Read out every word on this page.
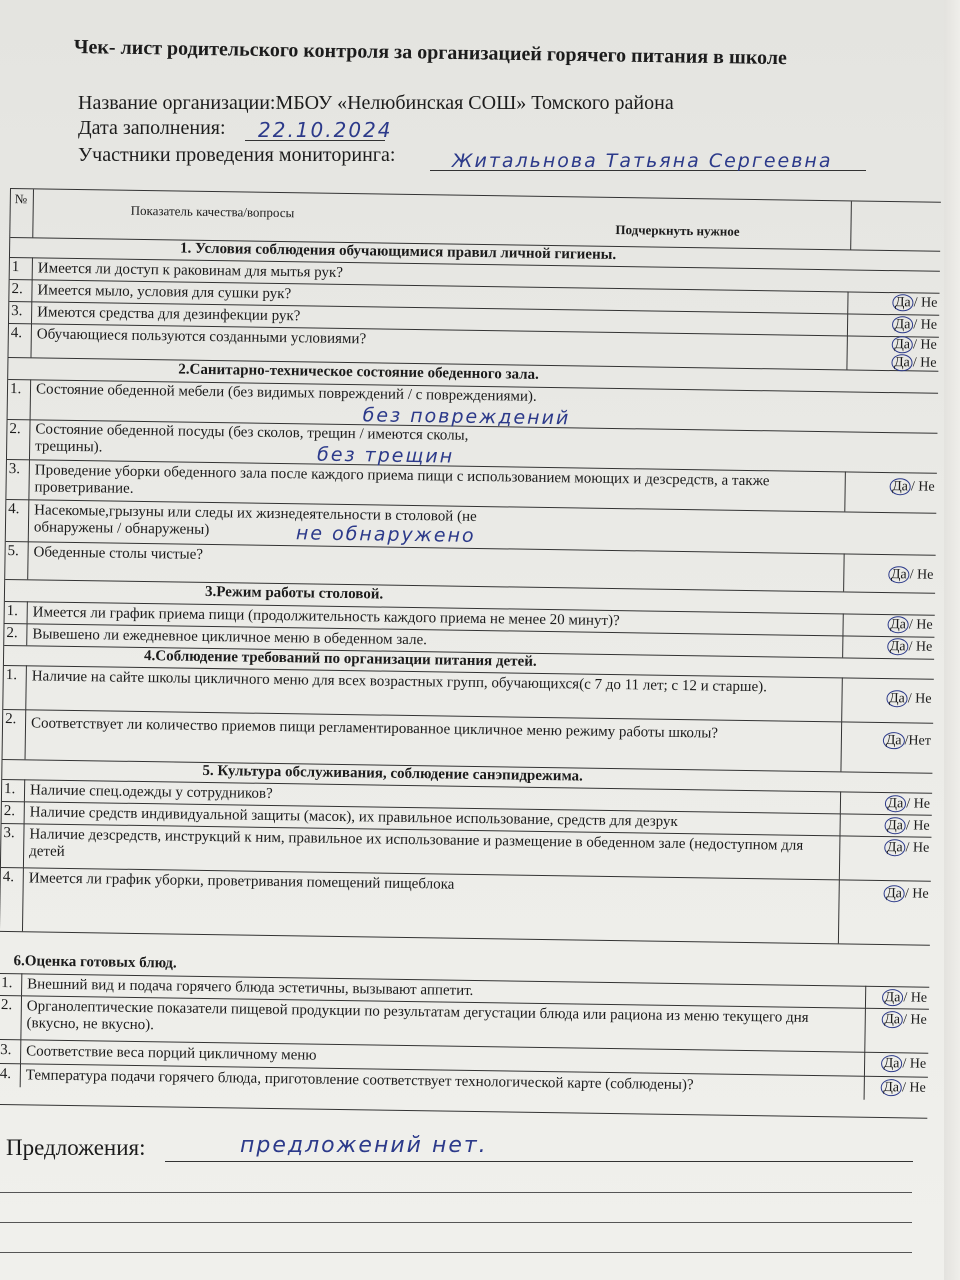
Чек- лист родительского контроля за организацией горячего питания в школе
Название организации:МБОУ «Нелюбинская СОШ» Томского района
Дата заполнения: 22.10.2024
Участники проведения мониторинга:	Житальнова Татьяна Сергеевна
№
Показатель качества/вопросы
Подчеркнуть нужное
1. Условия соблюдения обучающимися правил личной гигиены.
1 Имеется ли доступ к раковинам для мытья рук?
2. Имеется мыло, условия для сушки рук?
Да / Не
3. Имеются средства для дезинфекции рук?
Да / Не
4. Обучающиеся пользуются созданными условиями?	Да / Не
Да / Не
2.Санитарно-техническое состояние обеденного зала.
1. Состояние обеденной мебели (без видимых повреждений / с повреждениями).
без повреждений
2. Состояние обеденной посуды (без сколов, трещин / имеются сколы, трещины).	без трещин
3. Проведение уборки обеденного зала после каждого приема пищи с использованием моющих и дезсредств, а также проветривание.	Да / Не
4. Насекомые,грызуны или следы их жизнедеятельности в столовой (не обнаружены / обнаружены)	не обнаружено
5. Обеденные столы чистые?
Да / Не
3.Режим работы столовой.
1. Имеется ли график приема пищи (продолжительность каждого приема не менее 20 минут)?	Да / Не
2. Вывешено ли ежедневное цикличное меню в обеденном зале.	Да / Не
4.Соблюдение требований по организации питания детей.
1. Наличие на сайте школы цикличного меню для всех возрастных групп, обучающихся(с 7 до 11 лет; с 12 и старше).
Да / Не
2. Соответствует ли количество приемов пищи регламентированное цикличное меню режиму работы школы?	Да /Нет
5. Культура обслуживания, соблюдение санэпидрежима.
1. Наличие спец.одежды у сотрудников?
Да / Не
2. Наличие средств индивидуальной защиты (масок), их правильное использование, средств для дезрук	Да / Не
3. Наличие дезсредств, инструкций к ним, правильное их использование и размещение в обеденном зале (недоступном для детей	Да / Не
4. Имеется ли график уборки, проветривания помещений пищеблока
Да / Не
6.Оценка готовых блюд.
1. Внешний вид и подача горячего блюда эстетичны, вызывают аппетит.	Да / Не
2. Органолептические показатели пищевой продукции по результатам дегустации блюда или рациона из меню текущего дня (вкусно, не вкусно).	Да / Не
3. Соответствие веса порций цикличному меню
Да / Не
4. Температура подачи горячего блюда, приготовление соответствует технологической карте (соблюдены)?	Да / Не
Предложения:	предложений нет.
